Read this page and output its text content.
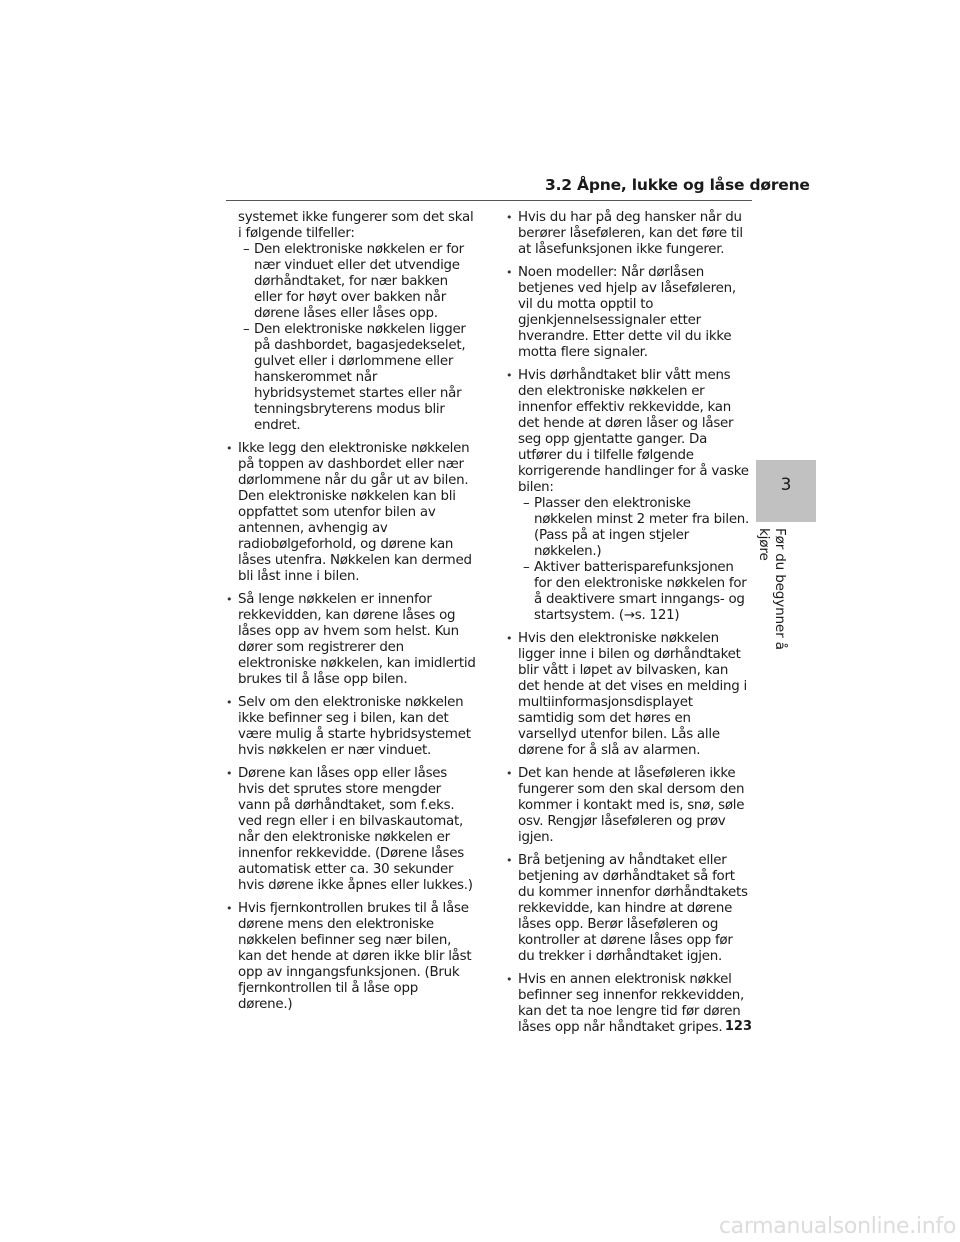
3.2 Åpne, lukke og låse dørene

systemet ikke fungerer som det skal i følgende tilfeller:

– Den elektroniske nøkkelen er for nær vinduet eller det utvendige dørhåndtaket, for nær bakken eller for høyt over bakken når dørene låses eller låses opp.
– Den elektroniske nøkkelen ligger på dashbordet, bagasjedekselet, gulvet eller i dørlommene eller hanskerommet når hybridsystemet startes eller når tenningsbryterens modus blir endret.
• Ikke legg den elektroniske nøkkelen på toppen av dashbordet eller nær dørlommene når du går ut av bilen. Den elektroniske nøkkelen kan bli oppfattet som utenfor bilen av antennen, avhengig av radiobølgeforhold, og dørene kan låses utenfra. Nøkkelen kan dermed bli låst inne i bilen.
• Så lenge nøkkelen er innenfor rekkevidden, kan dørene låses og låses opp av hvem som helst. Kun dører som registrerer den elektroniske nøkkelen, kan imidlertid brukes til å låse opp bilen.
• Selv om den elektroniske nøkkelen ikke befinner seg i bilen, kan det være mulig å starte hybridsystemet hvis nøkkelen er nær vinduet.
• Dørene kan låses opp eller låses hvis det sprutes store mengder vann på dørhåndtaket, som f.eks. ved regn eller i en bilvaskautomat, når den elektroniske nøkkelen er innenfor rekkevidde. (Dørene låses automatisk etter ca. 30 sekunder hvis dørene ikke åpnes eller lukkes.)
• Hvis fjernkontrollen brukes til å låse dørene mens den elektroniske nøkkelen befinner seg nær bilen, kan det hende at døren ikke blir låst opp av inngangsfunksjonen. (Bruk fjernkontrollen til å låse opp dørene.)
• Hvis du har på deg hansker når du berører låseføleren, kan det føre til at låsefunksjonen ikke fungerer.
• Noen modeller: Når dørlåsen betjenes ved hjelp av låseføleren, vil du motta opptil to gjenkjennelsessignaler etter hverandre. Etter dette vil du ikke motta flere signaler.
• Hvis dørhåndtaket blir vått mens den elektroniske nøkkelen er innenfor effektiv rekkevidde, kan det hende at døren låser og låser seg opp gjentatte ganger. Da utfører du i tilfelle følgende korrigerende handlinger for å vaske bilen:
– Plasser den elektroniske nøkkelen minst 2 meter fra bilen. (Pass på at ingen stjeler nøkkelen.)
– Aktiver batterisparefunksjonen for den elektroniske nøkkelen for å deaktivere smart inngangs- og startsystem. (→s. 121)
• Hvis den elektroniske nøkkelen ligger inne i bilen og dørhåndtaket blir vått i løpet av bilvasken, kan det hende at det vises en melding i multiinformasjonsdisplayet samtidig som det høres en varsellyd utenfor bilen. Lås alle dørene for å slå av alarmen.
• Det kan hende at låseføleren ikke fungerer som den skal dersom den kommer i kontakt med is, snø, søle osv. Rengjør låseføleren og prøv igjen.
• Brå betjening av håndtaket eller betjening av dørhåndtaket så fort du kommer innenfor dørhåndtakets rekkevidde, kan hindre at dørene låses opp. Berør låseføleren og kontroller at dørene låses opp før du trekker i dørhåndtaket igjen.
• Hvis en annen elektronisk nøkkel befinner seg innenfor rekkevidden, kan det ta noe lengre tid før døren låses opp når håndtaket gripes.
3
Før du begynner å kjøre
123
carmanualsonline.info
